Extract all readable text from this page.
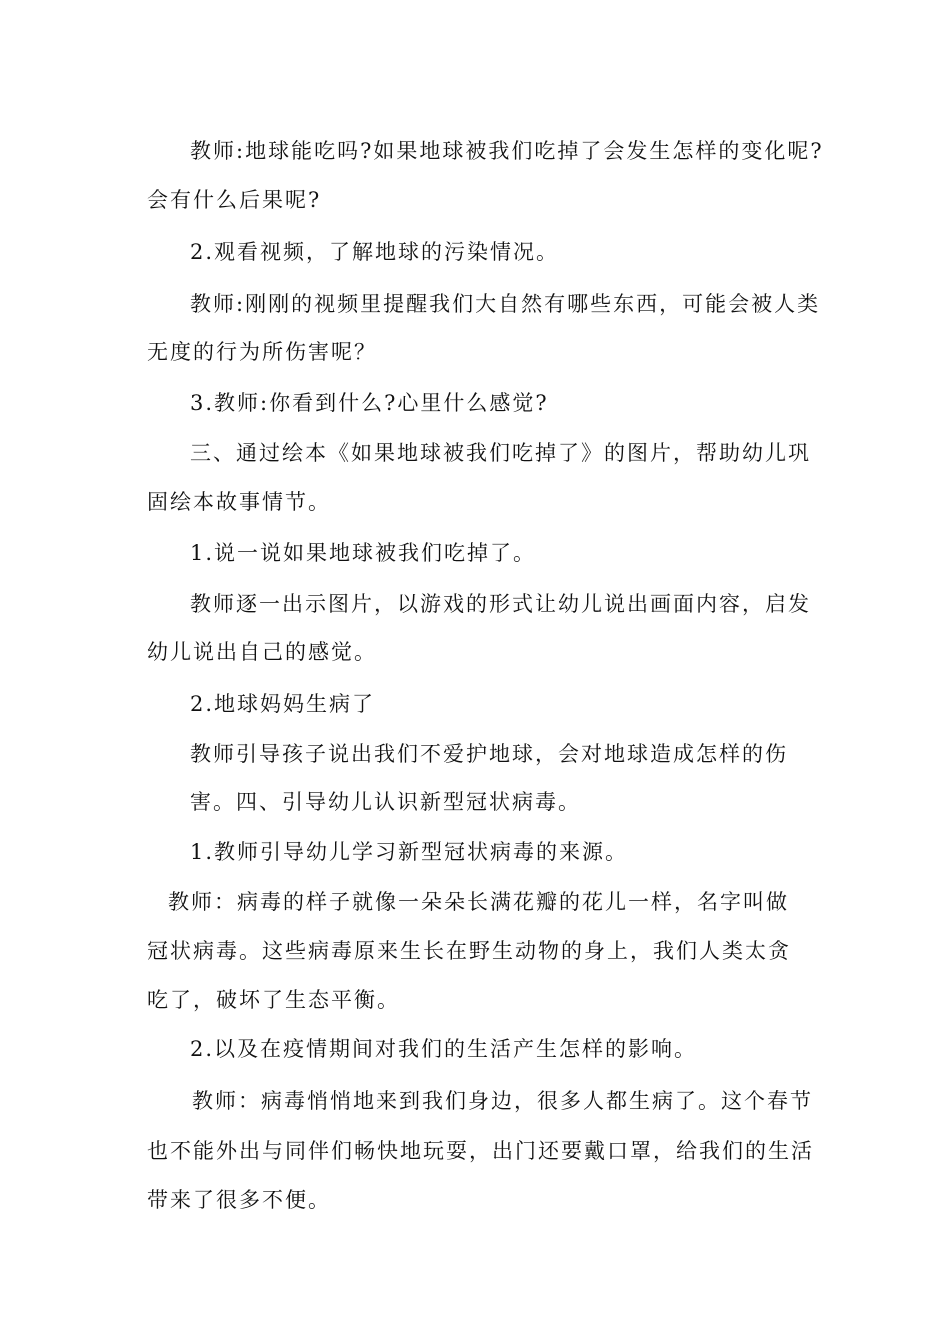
教师:地球能吃吗?如果地球被我们吃掉了会发生怎样的变化呢?
会有什么后果呢?
2.观看视频，了解地球的污染情况。
教师:刚刚的视频里提醒我们大自然有哪些东西，可能会被人类
无度的行为所伤害呢？
3.教师:你看到什么?心里什么感觉?
三、通过绘本《如果地球被我们吃掉了》的图片，帮助幼儿巩
固绘本故事情节。
1.说一说如果地球被我们吃掉了。
教师逐一出示图片，以游戏的形式让幼儿说出画面内容，启发
幼儿说出自己的感觉。
2.地球妈妈生病了
教师引导孩子说出我们不爱护地球，会对地球造成怎样的伤
害。四、引导幼儿认识新型冠状病毒。
1.教师引导幼儿学习新型冠状病毒的来源。
教师：病毒的样子就像一朵朵长满花瓣的花儿一样，名字叫做
冠状病毒。这些病毒原来生长在野生动物的身上，我们人类太贪
吃了，破坏了生态平衡。
2.以及在疫情期间对我们的生活产生怎样的影响。
教师：病毒悄悄地来到我们身边，很多人都生病了。这个春节
也不能外出与同伴们畅快地玩耍，出门还要戴口罩，给我们的生活
带来了很多不便。
